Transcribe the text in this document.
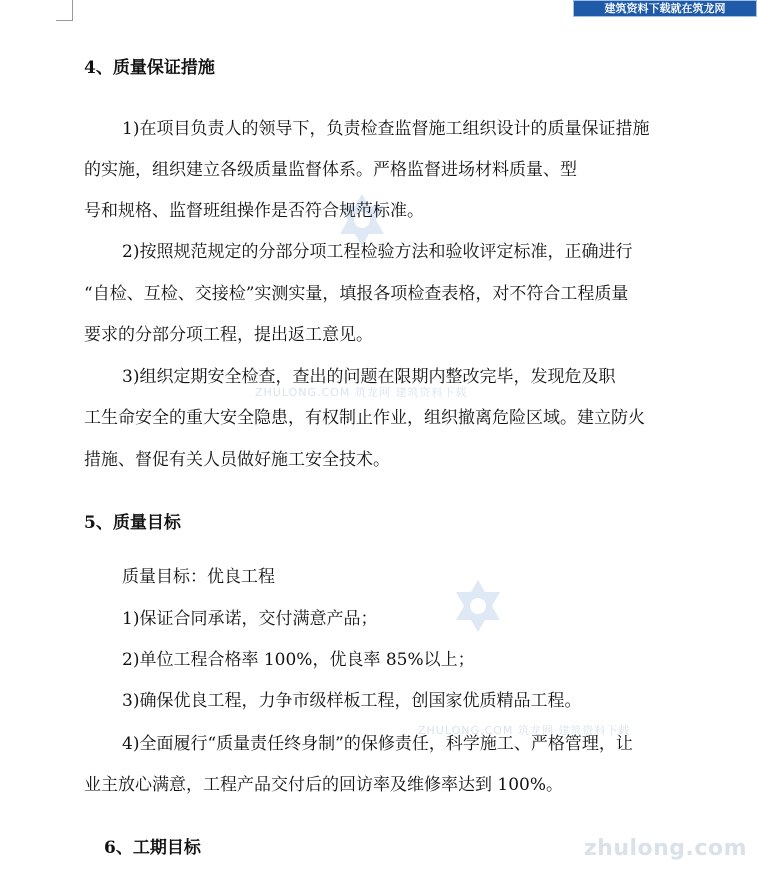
建筑资料下载就在筑龙网
ZHULONG.COM 筑龙网 建筑资料下载
ZHULONG.COM 筑龙网 建筑资料下载
zhulong.com
4、质量保证措施
1)在项目负责人的领导下，负责检查监督施工组织设计的质量保证措施
的实施，组织建立各级质量监督体系。严格监督进场材料质量、型
号和规格、监督班组操作是否符合规范标准。
2)按照规范规定的分部分项工程检验方法和验收评定标准，正确进行
“自检、互检、交接检”实测实量，填报各项检查表格，对不符合工程质量
要求的分部分项工程，提出返工意见。
3)组织定期安全检查，查出的问题在限期内整改完毕，发现危及职
工生命安全的重大安全隐患，有权制止作业，组织撤离危险区域。建立防火
措施、督促有关人员做好施工安全技术。
5、质量目标
质量目标：优良工程
1)保证合同承诺，交付满意产品；
2)单位工程合格率 100%，优良率 85%以上；
3)确保优良工程，力争市级样板工程，创国家优质精品工程。
4)全面履行“质量责任终身制”的保修责任，科学施工、严格管理，让
业主放心满意，工程产品交付后的回访率及维修率达到 100%。
6、工期目标
